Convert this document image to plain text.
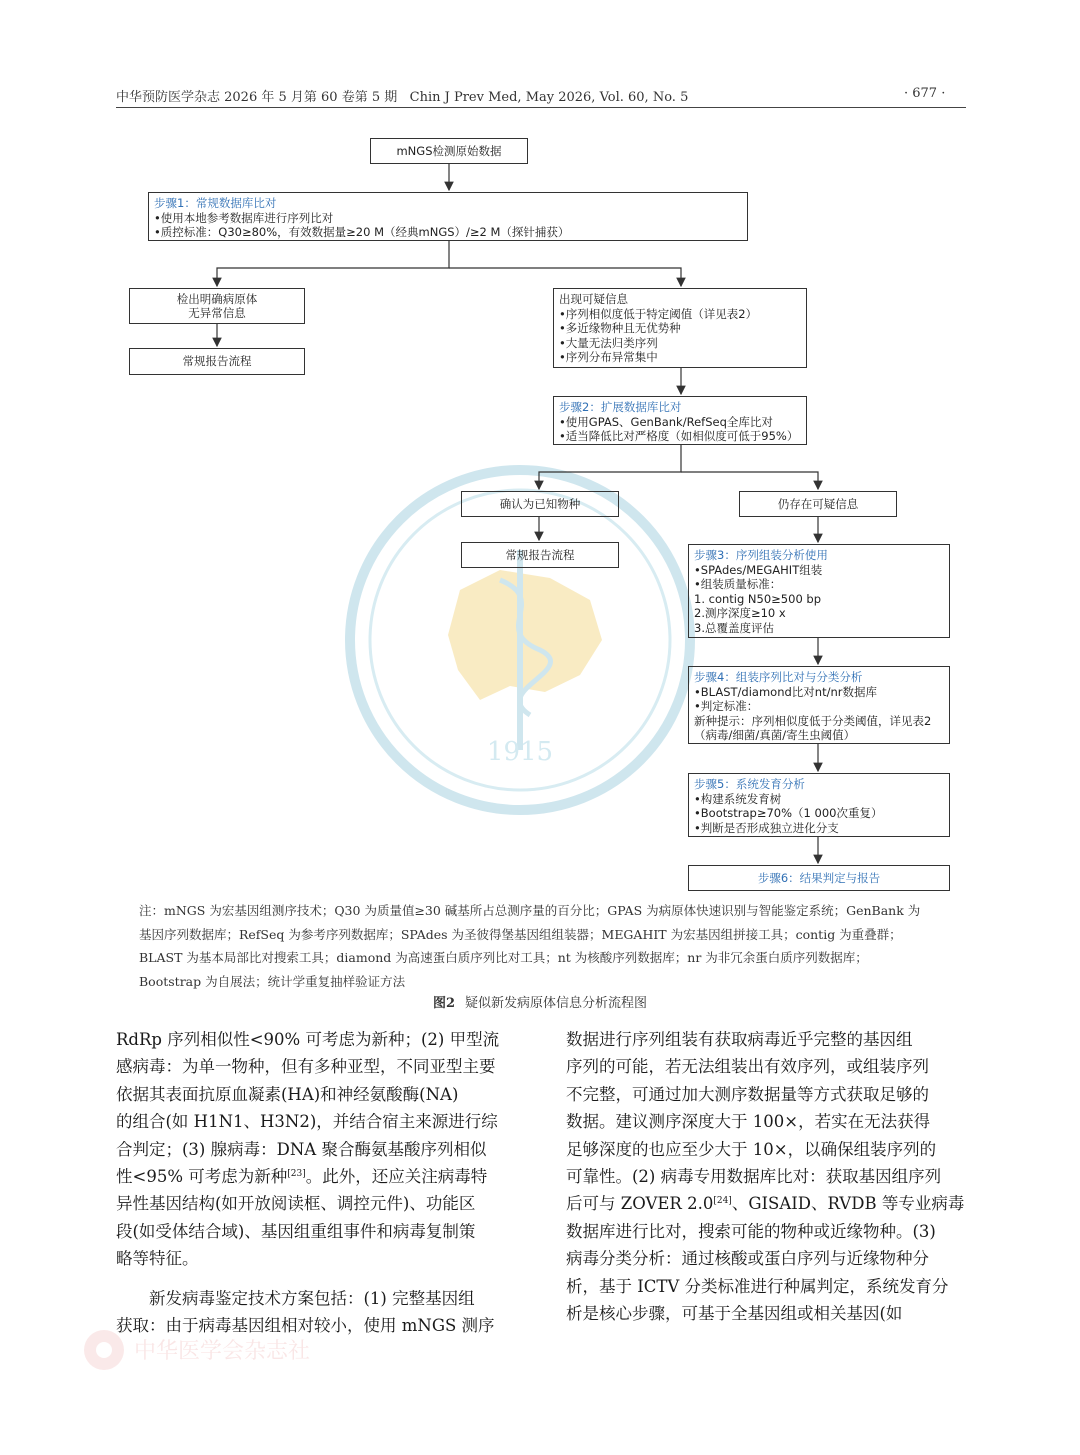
中华预防医学杂志 2026 年 5 月第 60 卷第 5 期 Chin J Prev Med, May 2026, Vol. 60, No. 5	· 677 ·
1915
mNGS检测原始数据
步骤1：常规数据库比对
•使用本地参考数据库进行序列比对
•质控标准：Q30≥80%，有效数据量≥20 M（经典mNGS）/≥2 M（探针捕获）
检出明确病原体
无异常信息
常规报告流程
出现可疑信息
•序列相似度低于特定阈值（详见表2）
•多近缘物种且无优势种
•大量无法归类序列
•序列分布异常集中
步骤2：扩展数据库比对
•使用GPAS、GenBank/RefSeq全库比对
•适当降低比对严格度（如相似度可低于95%）
确认为已知物种	仍存在可疑信息
常规报告流程	步骤3：序列组装分析使用
•SPAdes/MEGAHIT组装
•组装质量标准：
1. contig N50≥500 bp
2.测序深度≥10 x
3.总覆盖度评估
步骤4：组装序列比对与分类分析
•BLAST/diamond比对nt/nr数据库
•判定标准：
新种提示：序列相似度低于分类阈值，详见表2
（病毒/细菌/真菌/寄生虫阈值）
步骤5：系统发育分析
•构建系统发育树
•Bootstrap≥70%（1 000次重复）
•判断是否形成独立进化分支
步骤6：结果判定与报告
注：mNGS 为宏基因组测序技术；Q30 为质量值≥30 碱基所占总测序量的百分比；GPAS 为病原体快速识别与智能鉴定系统；GenBank 为
基因序列数据库；RefSeq 为参考序列数据库；SPAdes 为圣彼得堡基因组组装器；MEGAHIT 为宏基因组拼接工具；contig 为重叠群；
BLAST 为基本局部比对搜索工具；diamond 为高速蛋白质序列比对工具；nt 为核酸序列数据库；nr 为非冗余蛋白质序列数据库；
Bootstrap 为自展法；统计学重复抽样验证方法
图2 疑似新发病原体信息分析流程图

RdRp 序列相似性<90% 可考虑为新种；(2) 甲型流
感病毒：为单一物种，但有多种亚型，不同亚型主要
依据其表面抗原血凝素(HA)和神经氨酸酶(NA)
的组合(如 H1N1、H3N2)，并结合宿主来源进行综
合判定；(3) 腺病毒：DNA 聚合酶氨基酸序列相似
性<95% 可考虑为新种[23]。此外，还应关注病毒特
异性基因结构(如开放阅读框、调控元件)、功能区
段(如受体结合域)、基因组重组事件和病毒复制策
略等特征。

新发病毒鉴定技术方案包括：(1) 完整基因组
获取：由于病毒基因组相对较小，使用 mNGS 测序

数据进行序列组装有获取病毒近乎完整的基因组
序列的可能，若无法组装出有效序列，或组装序列
不完整，可通过加大测序数据量等方式获取足够的
数据。建议测序深度大于 100×，若实在无法获得
足够深度的也应至少大于 10×，以确保组装序列的
可靠性。(2) 病毒专用数据库比对：获取基因组序列
后可与 ZOVER 2.0[24]、GISAID、RVDB 等专业病毒
数据库进行比对，搜索可能的物种或近缘物种。(3)
病毒分类分析：通过核酸或蛋白序列与近缘物种分
析，基于 ICTV 分类标准进行种属判定，系统发育分
析是核心步骤，可基于全基因组或相关基因(如

中华医学会杂志社
